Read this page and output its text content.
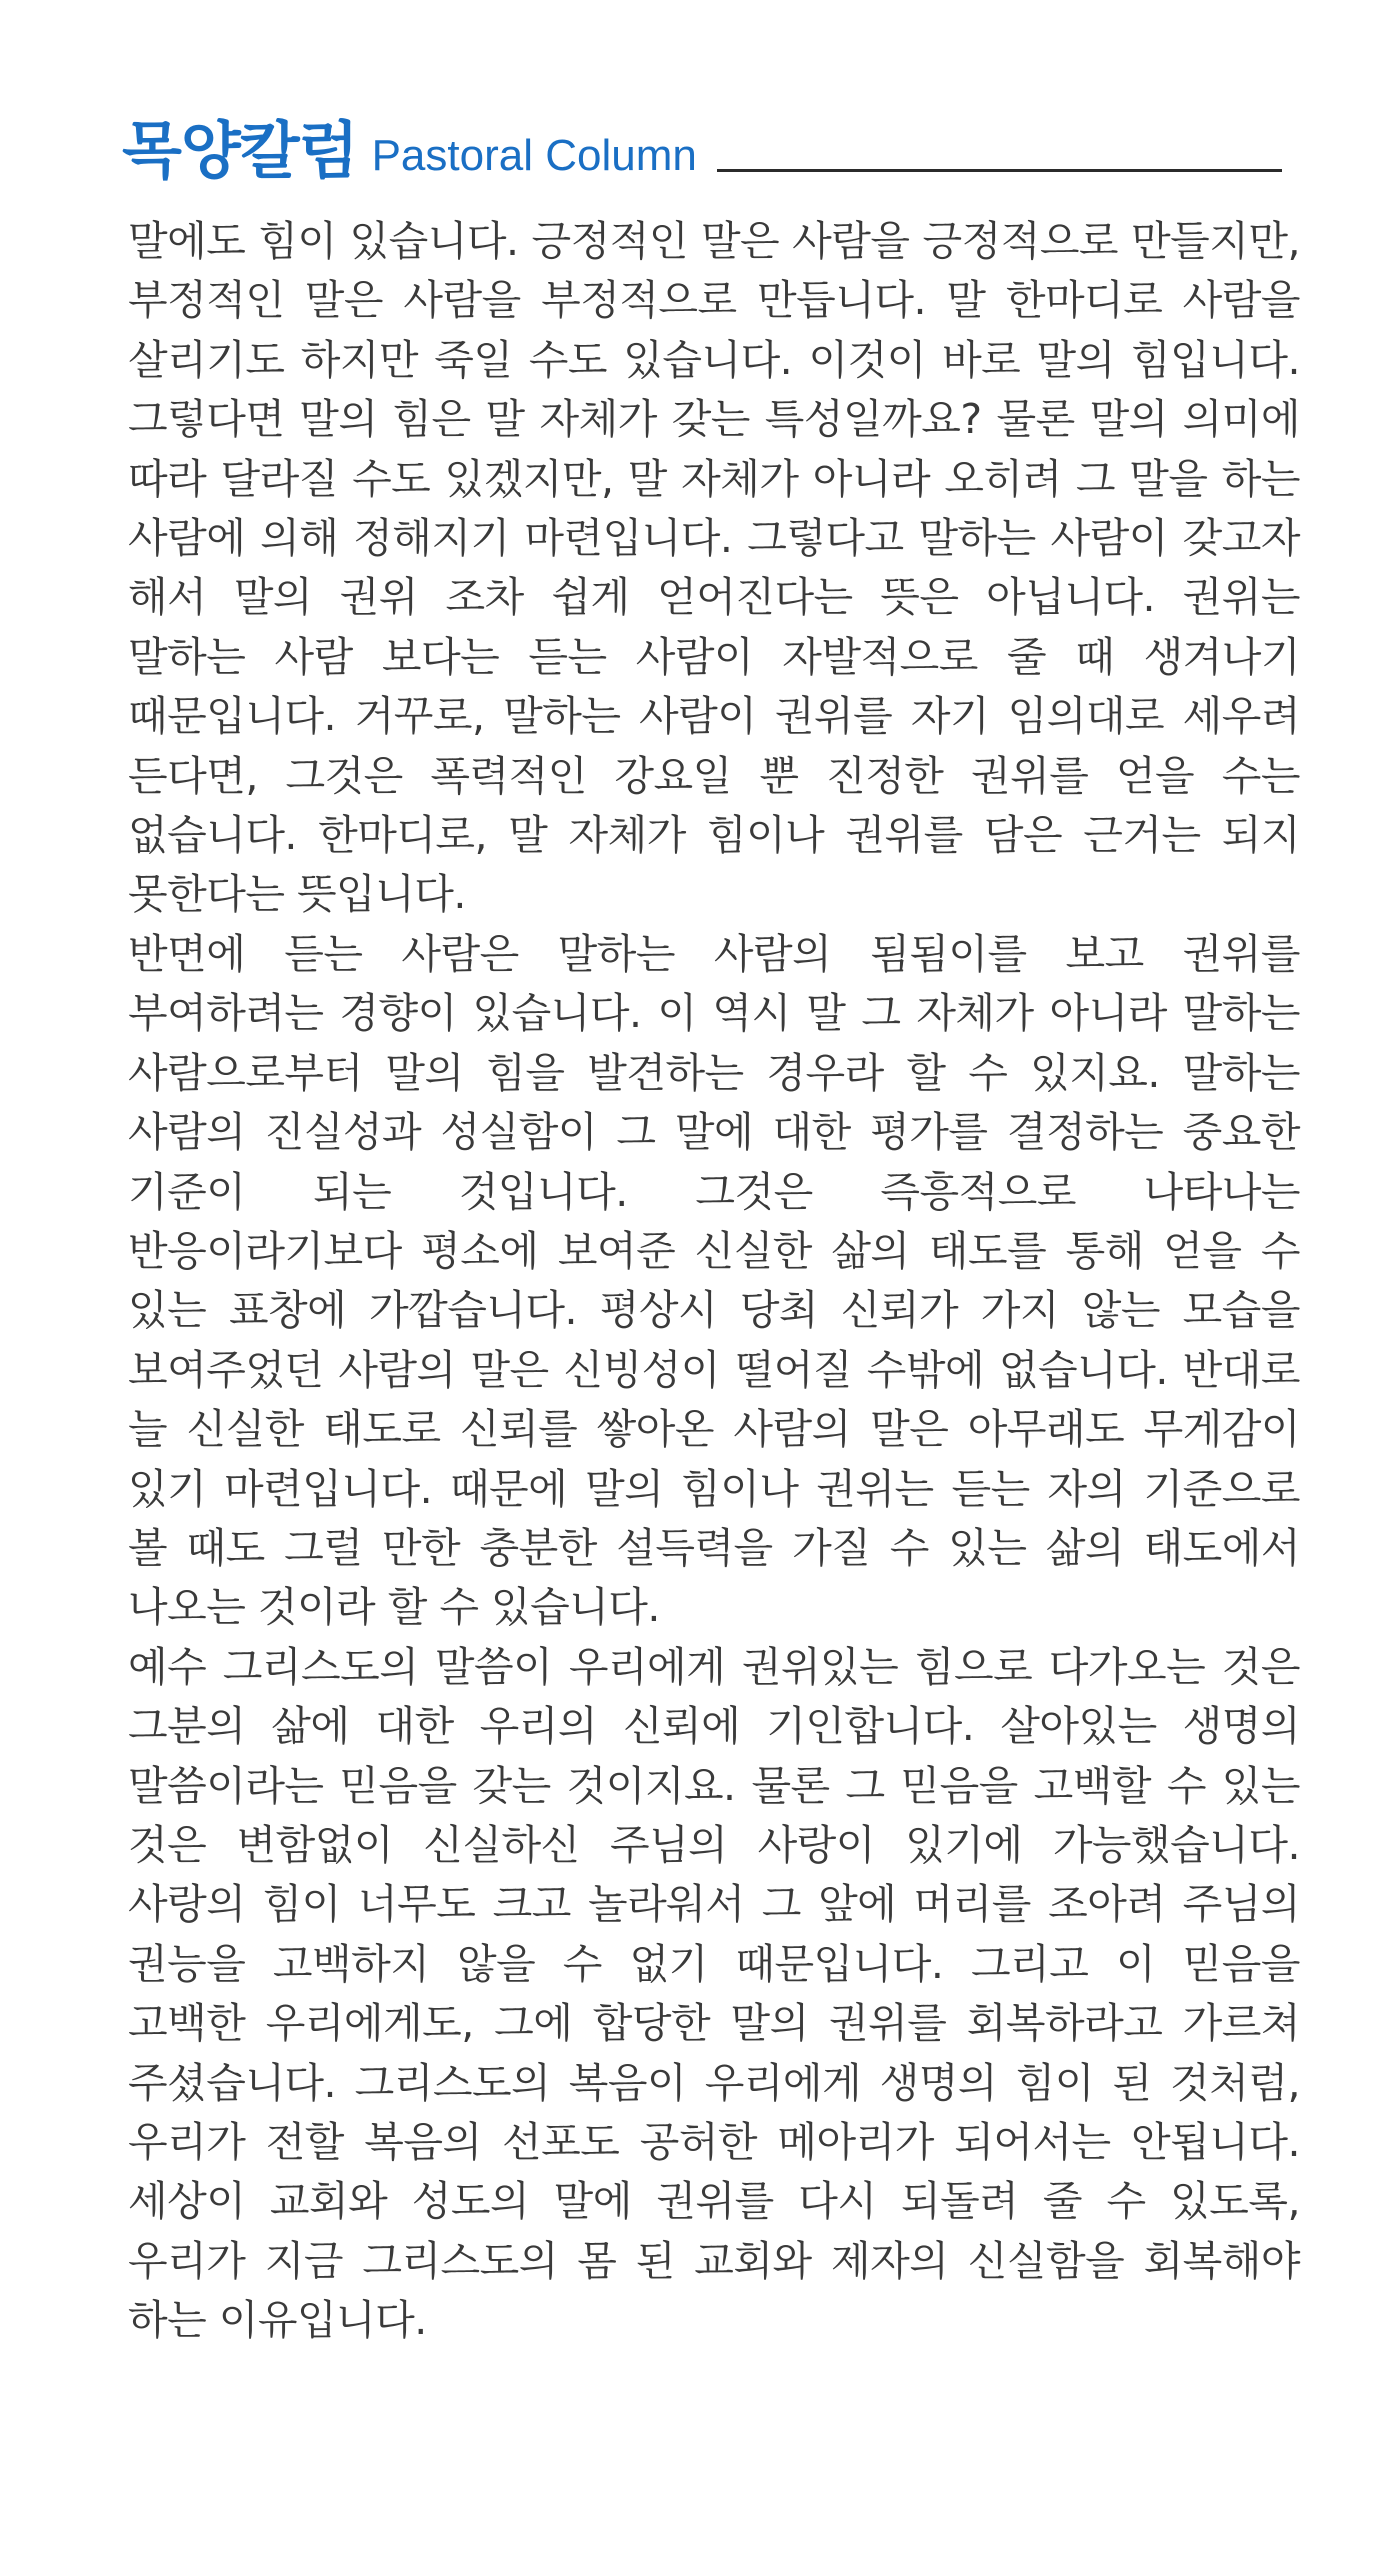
목양칼럼 Pastoral Column

말에도 힘이 있습니다. 긍정적인 말은 사람을 긍정적으로 만들지만, 부정적인 말은 사람을 부정적으로 만듭니다. 말 한마디로 사람을 살리기도 하지만 죽일 수도 있습니다. 이것이 바로 말의 힘입니다. 그렇다면 말의 힘은 말 자체가 갖는 특성일까요? 물론 말의 의미에 따라 달라질 수도 있겠지만, 말 자체가 아니라 오히려 그 말을 하는 사람에 의해 정해지기 마련입니다. 그렇다고 말하는 사람이 갖고자 해서 말의 권위 조차 쉽게 얻어진다는 뜻은 아닙니다. 권위는 말하는 사람 보다는 듣는 사람이 자발적으로 줄 때 생겨나기 때문입니다. 거꾸로, 말하는 사람이 권위를 자기 임의대로 세우려 든다면, 그것은 폭력적인 강요일 뿐 진정한 권위를 얻을 수는 없습니다. 한마디로, 말 자체가 힘이나 권위를 담은 근거는 되지 못한다는 뜻입니다.

반면에 듣는 사람은 말하는 사람의 됨됨이를 보고 권위를 부여하려는 경향이 있습니다. 이 역시 말 그 자체가 아니라 말하는 사람으로부터 말의 힘을 발견하는 경우라 할 수 있지요. 말하는 사람의 진실성과 성실함이 그 말에 대한 평가를 결정하는 중요한 기준이 되는 것입니다. 그것은 즉흥적으로 나타나는 반응이라기보다 평소에 보여준 신실한 삶의 태도를 통해 얻을 수 있는 표창에 가깝습니다. 평상시 당최 신뢰가 가지 않는 모습을 보여주었던 사람의 말은 신빙성이 떨어질 수밖에 없습니다. 반대로 늘 신실한 태도로 신뢰를 쌓아온 사람의 말은 아무래도 무게감이 있기 마련입니다. 때문에 말의 힘이나 권위는 듣는 자의 기준으로 볼 때도 그럴 만한 충분한 설득력을 가질 수 있는 삶의 태도에서 나오는 것이라 할 수 있습니다.

예수 그리스도의 말씀이 우리에게 권위있는 힘으로 다가오는 것은 그분의 삶에 대한 우리의 신뢰에 기인합니다. 살아있는 생명의 말씀이라는 믿음을 갖는 것이지요. 물론 그 믿음을 고백할 수 있는 것은 변함없이 신실하신 주님의 사랑이 있기에 가능했습니다. 사랑의 힘이 너무도 크고 놀라워서 그 앞에 머리를 조아려 주님의 권능을 고백하지 않을 수 없기 때문입니다. 그리고 이 믿음을 고백한 우리에게도, 그에 합당한 말의 권위를 회복하라고 가르쳐 주셨습니다. 그리스도의 복음이 우리에게 생명의 힘이 된 것처럼, 우리가 전할 복음의 선포도 공허한 메아리가 되어서는 안됩니다. 세상이 교회와 성도의 말에 권위를 다시 되돌려 줄 수 있도록, 우리가 지금 그리스도의 몸 된 교회와 제자의 신실함을 회복해야 하는 이유입니다.
